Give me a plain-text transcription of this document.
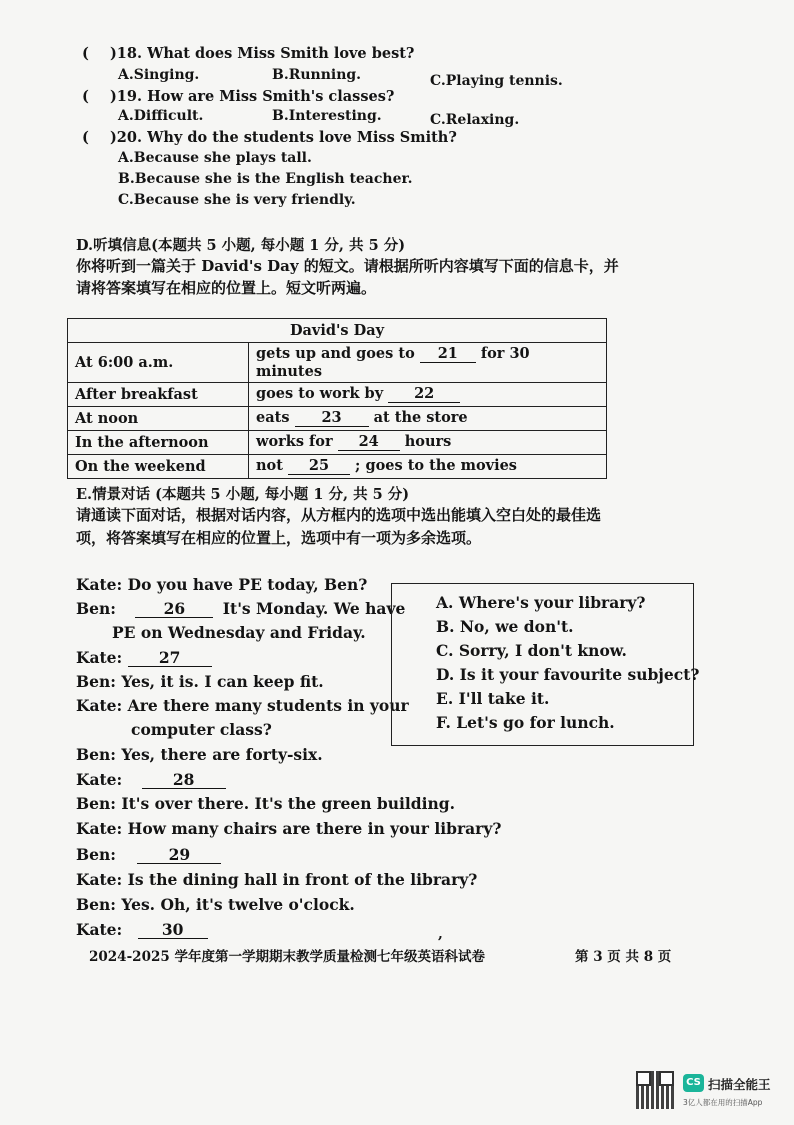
( )18. What does Miss Smith love best?
A.Singing.	B.Running.	C.Playing tennis.
( )19. How are Miss Smith's classes?
A.Difficult.	B.Interesting.	C.Relaxing.
( )20. Why do the students love Miss Smith?
A.Because she plays tall.
B.Because she is the English teacher.
C.Because she is very friendly.
D.听填信息(本题共 5 小题, 每小题 1 分, 共 5 分)
你将听到一篇关于 David's Day 的短文。请根据所听内容填写下面的信息卡，并
请将答案填写在相应的位置上。短文听两遍。
David's Day	
At 6:00 a.m.	gets up and goes to 21 for 30 minutes
After breakfast	goes to work by 22
At noon	eats 23 at the store
In the afternoon	works for 24 hours
On the weekend	not 25 ; goes to the movies
E.情景对话 (本题共 5 小题, 每小题 1 分, 共 5 分)
请通读下面对话，根据对话内容，从方框内的选项中选出能填入空白处的最佳选
项，将答案填写在相应的位置上，选项中有一项为多余选项。
Kate: Do you have PE today, Ben?
Ben:	26 It's Monday. We have
PE on Wednesday and Friday.
Kate: 27
Ben: Yes, it is. I can keep fit.
Kate: Are there many students in your
computer class?
Ben: Yes, there are forty-six.
Kate:	28
Ben: It's over there. It's the green building.
Kate: How many chairs are there in your library?
Ben:	29
Kate: Is the dining hall in front of the library?
Ben: Yes. Oh, it's twelve o'clock.
Kate:	30	,
A. Where's your library?
B. No, we don't.
C. Sorry, I don't know.
D. Is it your favourite subject?
E. I'll take it.
F. Let's go for lunch.
2024-2025 学年度第一学期期末教学质量检测七年级英语科试卷	第 3 页 共 8 页
CS 扫描全能王
3亿人都在用的扫描App
